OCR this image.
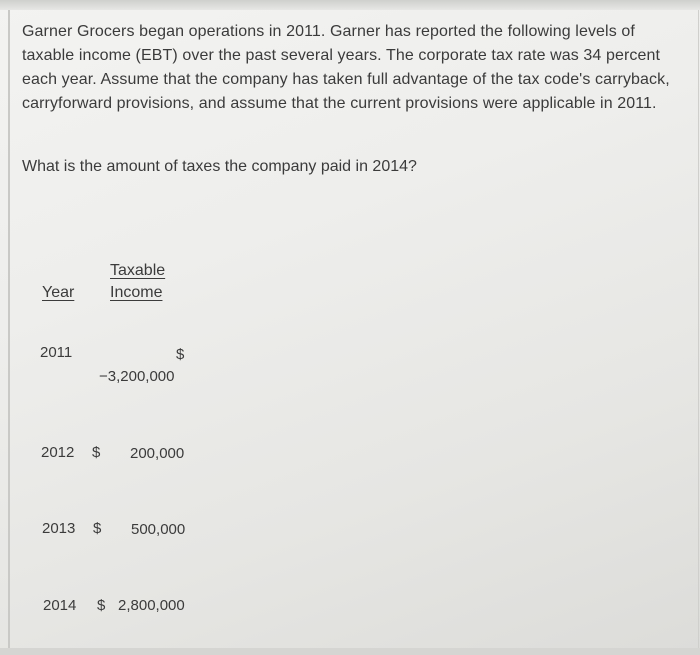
Garner Grocers began operations in 2011. Garner has reported the following levels of taxable income (EBT) over the past several years. The corporate tax rate was 34 percent each year. Assume that the company has taken full advantage of the tax code's carryback, carryforward provisions, and assume that the current provisions were applicable in 2011.

What is the amount of taxes the company paid in 2014?

Year
Taxable
Income
2011	$
−3,200,000
2012 $ 200,000
2013 $ 500,000
2014 $ 2,800,000
